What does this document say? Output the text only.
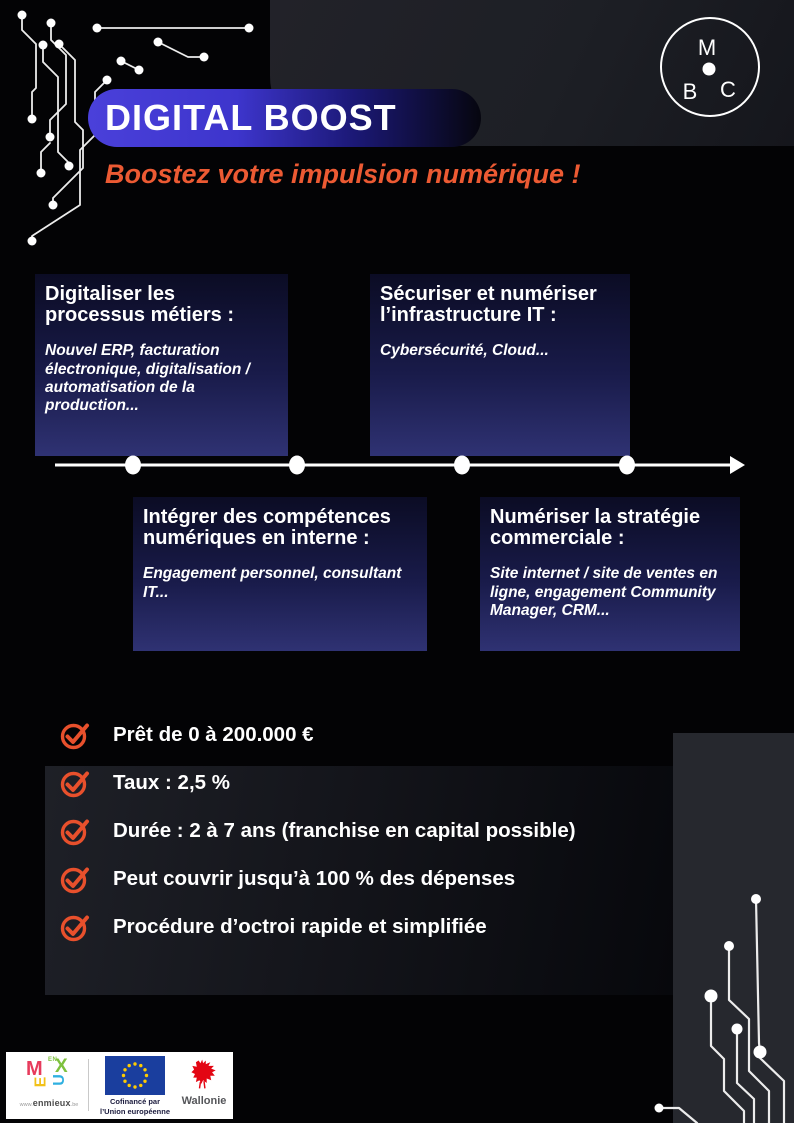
M
B C
DIGITAL BOOST
Boostez votre impulsion numérique !
Digitaliser les processus métiers :
Nouvel ERP, facturation électronique, digitalisation / automatisation de la production...
Sécuriser et numériser l’infrastructure IT :
Cybersécurité, Cloud...
Intégrer des compétences numériques en interne :
Engagement personnel, consultant IT...
Numériser la stratégie commerciale :
Site internet / site de ventes en ligne, engagement Community Manager, CRM...
Prêt de 0 à 200.000 €
Taux : 2,5 %
Durée : 2 à 7 ans (franchise en capital possible)
Peut couvrir jusqu’à 100 % des dépenses
Procédure d’octroi rapide et simplifiée
M EN
X
E U
www.enmieux.be	Cofinancé par
l’Union européenne
Wallonie
